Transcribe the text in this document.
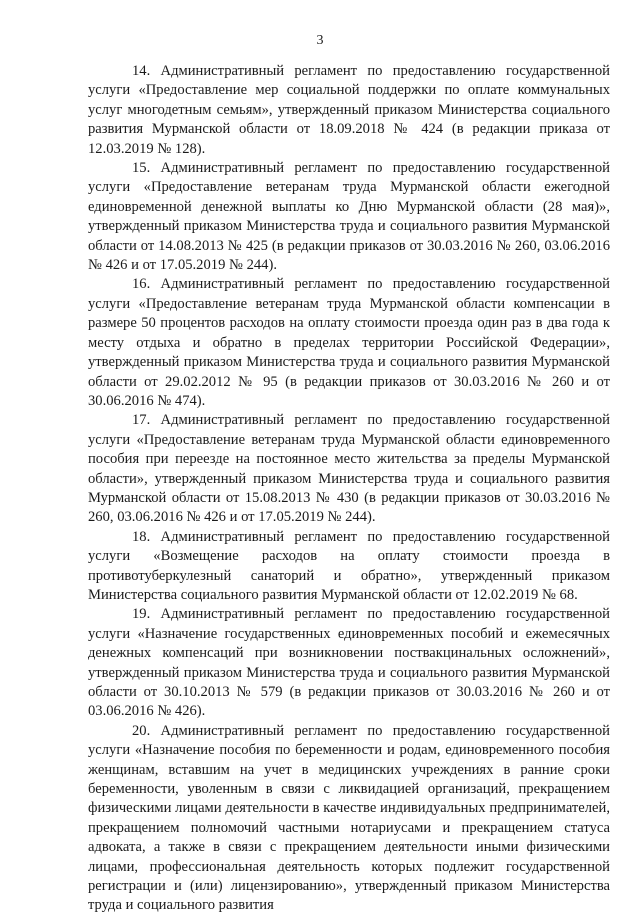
3

14. Административный регламент по предоставлению государственной услуги «Предоставление мер социальной поддержки по оплате коммунальных услуг многодетным семьям», утвержденный приказом Министерства социального развития Мурманской области от 18.09.2018 № 424 (в редакции приказа от 12.03.2019 № 128).

15. Административный регламент по предоставлению государственной услуги «Предоставление ветеранам труда Мурманской области ежегодной единовременной денежной выплаты ко Дню Мурманской области (28 мая)», утвержденный приказом Министерства труда и социального развития Мурманской области от 14.08.2013 № 425 (в редакции приказов от 30.03.2016 № 260, 03.06.2016 № 426 и от 17.05.2019 № 244).

16. Административный регламент по предоставлению государственной услуги «Предоставление ветеранам труда Мурманской области компенсации в размере 50 процентов расходов на оплату стоимости проезда один раз в два года к месту отдыха и обратно в пределах территории Российской Федерации», утвержденный приказом Министерства труда и социального развития Мурманской области от 29.02.2012 № 95 (в редакции приказов от 30.03.2016 № 260 и от 30.06.2016 № 474).

17. Административный регламент по предоставлению государственной услуги «Предоставление ветеранам труда Мурманской области единовременного пособия при переезде на постоянное место жительства за пределы Мурманской области», утвержденный приказом Министерства труда и социального развития Мурманской области от 15.08.2013 № 430 (в редакции приказов от 30.03.2016 № 260, 03.06.2016 № 426 и от 17.05.2019 № 244).

18. Административный регламент по предоставлению государственной услуги «Возмещение расходов на оплату стоимости проезда в противотуберкулезный санаторий и обратно», утвержденный приказом Министерства социального развития Мурманской области от 12.02.2019 № 68.

19. Административный регламент по предоставлению государственной услуги «Назначение государственных единовременных пособий и ежемесячных денежных компенсаций при возникновении поствакцинальных осложнений», утвержденный приказом Министерства труда и социального развития Мурманской области от 30.10.2013 № 579 (в редакции приказов от 30.03.2016 № 260 и от 03.06.2016 № 426).

20. Административный регламент по предоставлению государственной услуги «Назначение пособия по беременности и родам, единовременного пособия женщинам, вставшим на учет в медицинских учреждениях в ранние сроки беременности, уволенным в связи с ликвидацией организаций, прекращением физическими лицами деятельности в качестве индивидуальных предпринимателей, прекращением полномочий частными нотариусами и прекращением статуса адвоката, а также в связи с прекращением деятельности иными физическими лицами, профессиональная деятельность которых подлежит государственной регистрации и (или) лицензированию», утвержденный приказом Министерства труда и социального развития
